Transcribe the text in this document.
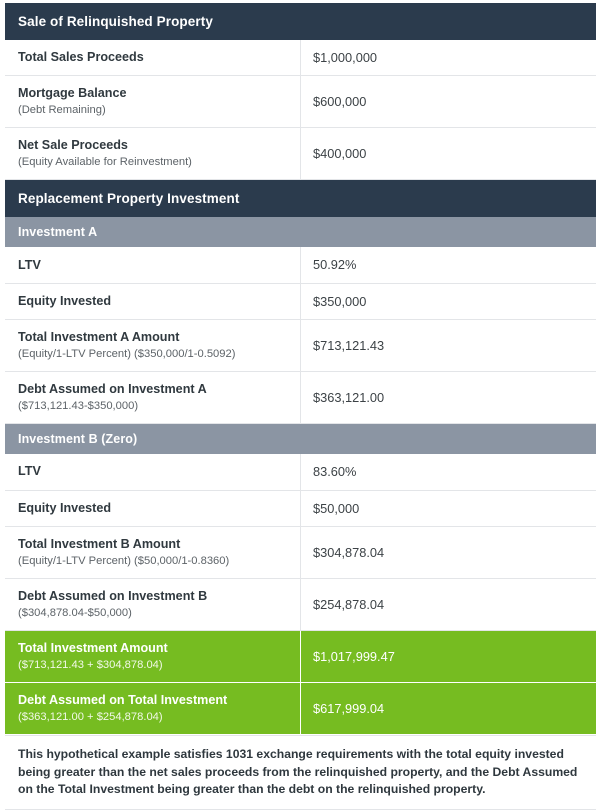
Sale of Relinquished Property	

Total Sales Proceeds	$1,000,000

Mortgage Balance
(Debt Remaining)	$600,000

Net Sale Proceeds
(Equity Available for Reinvestment)	$400,000

Replacement Property Investment	
Investment A	

LTV	50.92%

Equity Invested	$350,000

Total Investment A Amount
(Equity/1-LTV Percent) ($350,000/1-0.5092)	$713,121.43

Debt Assumed on Investment A
($713,121.43-$350,000)	$363,121.00

Investment B (Zero)	

LTV	83.60%

Equity Invested	$50,000

Total Investment B Amount
(Equity/1-LTV Percent) ($50,000/1-0.8360)	$304,878.04

Debt Assumed on Investment B
($304,878.04-$50,000)	$254,878.04

Total Investment Amount
($713,121.43 + $304,878.04)	$1,017,999.47

Debt Assumed on Total Investment
($363,121.00 + $254,878.04)	$617,999.04
This hypothetical example satisfies 1031 exchange requirements with the total equity invested being greater than the net sales proceeds from the relinquished property, and the Debt Assumed on the Total Investment being greater than the debt on the relinquished property.
